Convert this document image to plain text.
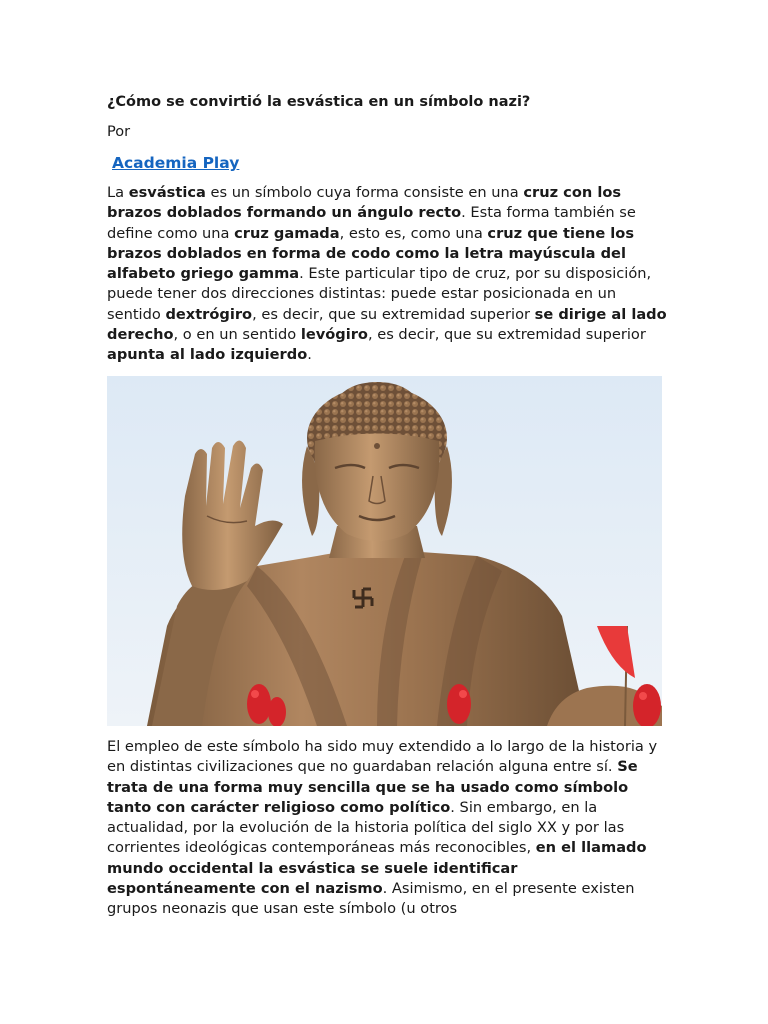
¿Cómo se convirtió la esvástica en un símbolo nazi?
Por
Academia Play

La esvástica es un símbolo cuya forma consiste en una cruz con los brazos doblados formando un ángulo recto. Esta forma también se define como una cruz gamada, esto es, como una cruz que tiene los brazos doblados en forma de codo como la letra mayúscula del alfabeto griego gamma. Este particular tipo de cruz, por su disposición, puede tener dos direcciones distintas: puede estar posicionada en un sentido dextrógiro, es decir, que su extremidad superior se dirige al lado derecho, o en un sentido levógiro, es decir, que su extremidad superior apunta al lado izquierdo.

El empleo de este símbolo ha sido muy extendido a lo largo de la historia y en distintas civilizaciones que no guardaban relación alguna entre sí. Se trata de una forma muy sencilla que se ha usado como símbolo tanto con carácter religioso como político. Sin embargo, en la actualidad, por la evolución de la historia política del siglo XX y por las corrientes ideológicas contemporáneas más reconocibles, en el llamado mundo occidental la esvástica se suele identificar espontáneamente con el nazismo. Asimismo, en el presente existen grupos neonazis que usan este símbolo (u otros
